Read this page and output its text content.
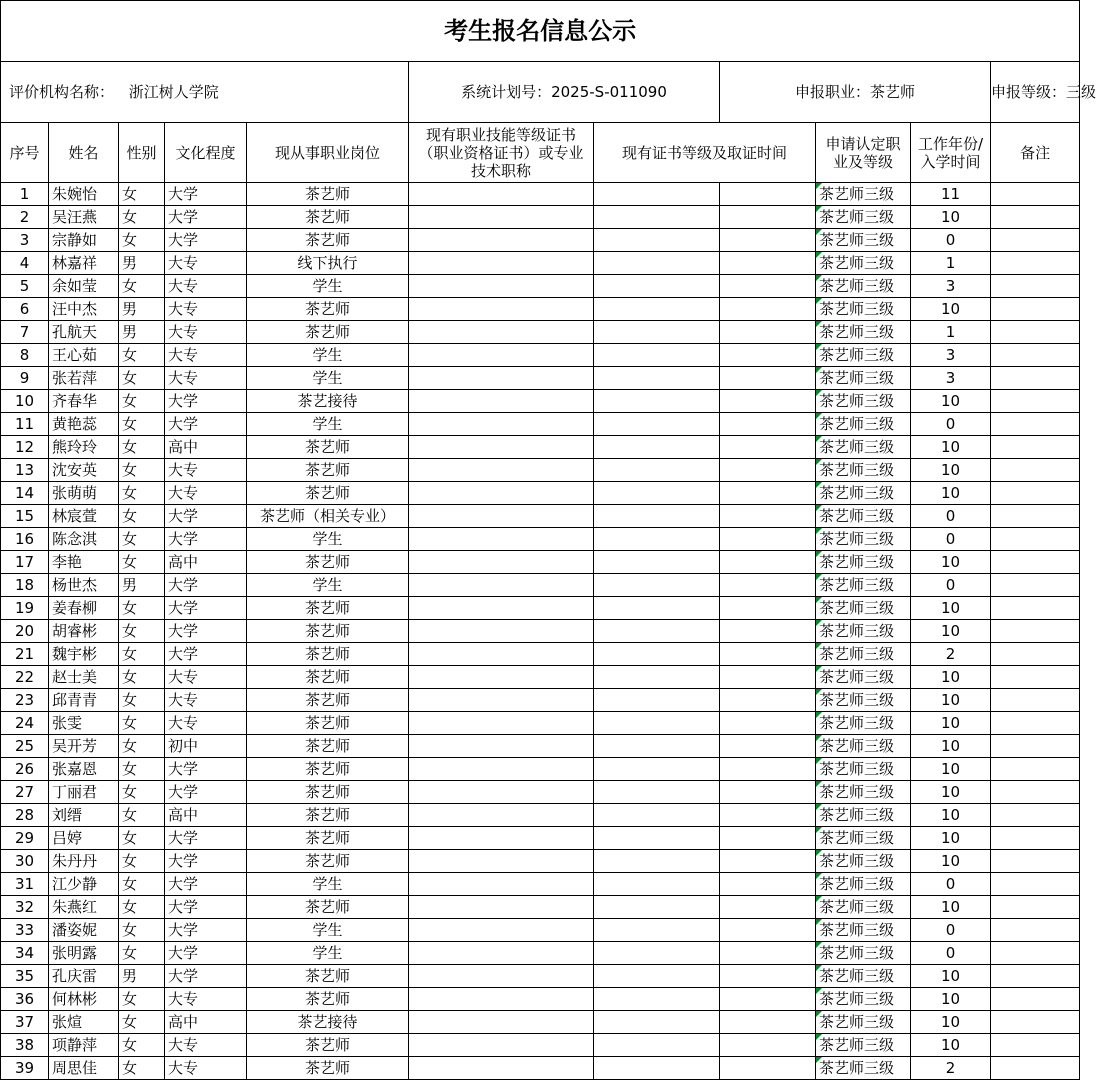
考生报名信息公示										
评价机构名称： 浙江树人学院					系统计划号：2025-S-011090		申报职业：茶艺师			申报等级：三级
序号	姓名	性别	文化程度	现从事职业岗位	现有职业技能等级证书（职业资格证书）或专业技术职称	现有证书等级及取证时间		申请认定职业及等级	工作年份/入学时间	备注
1	朱婉怡	女	大学	茶艺师				茶艺师三级	11	
2	吴汪燕	女	大学	茶艺师				茶艺师三级	10	
3	宗静如	女	大学	茶艺师				茶艺师三级	0	
4	林嘉祥	男	大专	线下执行				茶艺师三级	1	
5	余如莹	女	大专	学生				茶艺师三级	3	
6	汪中杰	男	大专	茶艺师				茶艺师三级	10	
7	孔航天	男	大专	茶艺师				茶艺师三级	1	
8	王心茹	女	大专	学生				茶艺师三级	3	
9	张若萍	女	大专	学生				茶艺师三级	3	
10	齐春华	女	大学	茶艺接待				茶艺师三级	10	
11	黄艳蕊	女	大学	学生				茶艺师三级	0	
12	熊玲玲	女	高中	茶艺师				茶艺师三级	10	
13	沈安英	女	大专	茶艺师				茶艺师三级	10	
14	张萌萌	女	大专	茶艺师				茶艺师三级	10	
15	林宸萱	女	大学	茶艺师（相关专业）				茶艺师三级	0	
16	陈念淇	女	大学	学生				茶艺师三级	0	
17	李艳	女	高中	茶艺师				茶艺师三级	10	
18	杨世杰	男	大学	学生				茶艺师三级	0	
19	姜春柳	女	大学	茶艺师				茶艺师三级	10	
20	胡睿彬	女	大学	茶艺师				茶艺师三级	10	
21	魏宇彬	女	大学	茶艺师				茶艺师三级	2	
22	赵士美	女	大专	茶艺师				茶艺师三级	10	
23	邱青青	女	大专	茶艺师				茶艺师三级	10	
24	张雯	女	大专	茶艺师				茶艺师三级	10	
25	吴开芳	女	初中	茶艺师				茶艺师三级	10	
26	张嘉恩	女	大学	茶艺师				茶艺师三级	10	
27	丁丽君	女	大学	茶艺师				茶艺师三级	10	
28	刘缙	女	高中	茶艺师				茶艺师三级	10	
29	吕婷	女	大学	茶艺师				茶艺师三级	10	
30	朱丹丹	女	大学	茶艺师				茶艺师三级	10	
31	江少静	女	大学	学生				茶艺师三级	0	
32	朱燕红	女	大学	茶艺师				茶艺师三级	10	
33	潘姿妮	女	大学	学生				茶艺师三级	0	
34	张明露	女	大学	学生				茶艺师三级	0	
35	孔庆雷	男	大学	茶艺师				茶艺师三级	10	
36	何林彬	女	大专	茶艺师				茶艺师三级	10	
37	张煊	女	高中	茶艺接待				茶艺师三级	10	
38	项静萍	女	大专	茶艺师				茶艺师三级	10	
39	周思佳	女	大专	茶艺师				茶艺师三级	2	
